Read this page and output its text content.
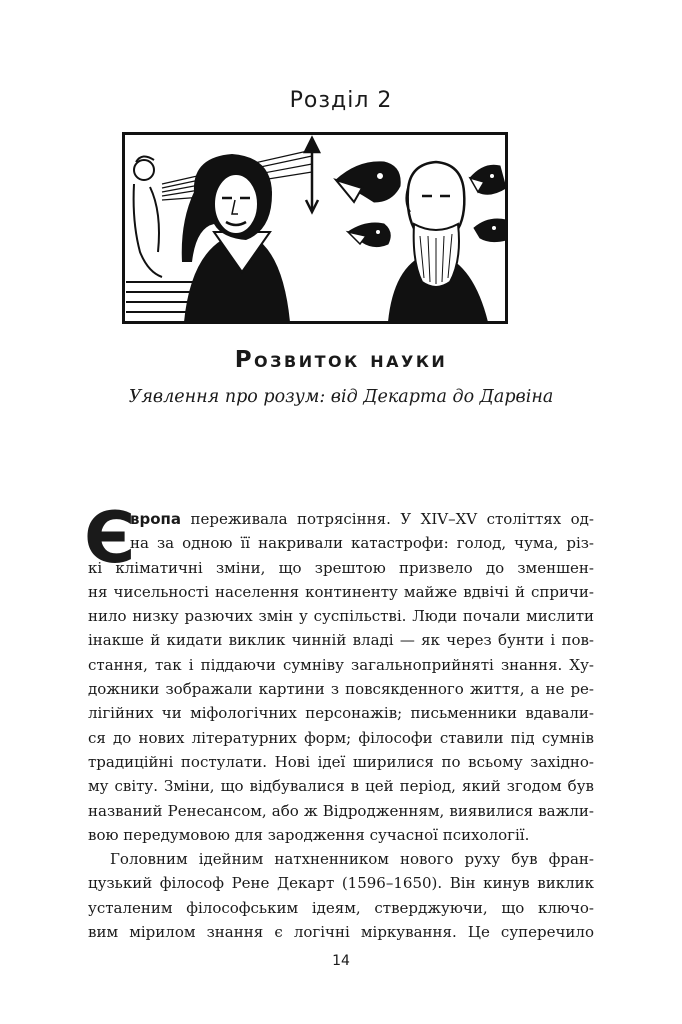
Розділ 2
Розвиток науки
Уявлення про розум: від Декарта до Дарвіна
Є
вропа переживала потрясіння. У XIV–XV століттях од-
на за одною її накривали катастрофи: голод, чума, різ-
кі кліматичні зміни, що зрештою призвело до зменшен-
ня чисельності населення континенту майже вдвічі й спричи-
нило низку разючих змін у суспільстві. Люди почали мислити
інакше й кидати виклик чинній владі — як через бунти і пов-
стання, так і піддаючи сумніву загальноприйняті знання. Ху-
дожники зображали картини з повсякденного життя, а не ре-
лігійних чи міфологічних персонажів; письменники вдавали-
ся до нових літературних форм; філософи ставили під сумнів
традиційні постулати. Нові ідеї ширилися по всьому західно-
му світу. Зміни, що відбувалися в цей період, який згодом був
названий Ренесансом, або ж Відродженням, виявилися важли-
вою передумовою для зародження сучасної психології.
Головним ідейним натхненником нового руху був фран-
цузький філософ Рене Декарт (1596–1650). Він кинув виклик
усталеним філософським ідеям, стверджуючи, що ключо-
вим мірилом знання є логічні міркування. Це суперечило
14
